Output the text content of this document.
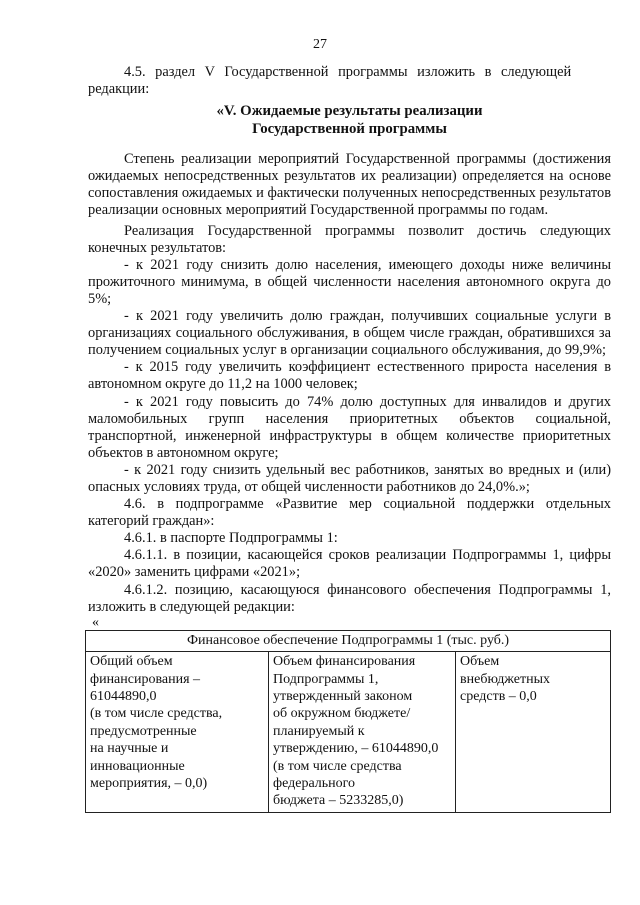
27

4.5. раздел V Государственной программы изложить в следующей

редакции:

«V. Ожидаемые результаты реализации

Государственной программы

Степень реализации мероприятий Государственной программы (достижения ожидаемых непосредственных результатов их реализации) определяется на основе сопоставления ожидаемых и фактически полученных непосредственных результатов реализации основных мероприятий Государственной программы по годам.

Реализация Государственной программы позволит достичь следующих конечных результатов:

- к 2021 году снизить долю населения, имеющего доходы ниже величины прожиточного минимума, в общей численности населения автономного округа до 5%;

- к 2021 году увеличить долю граждан, получивших социальные услуги в организациях социального обслуживания, в общем числе граждан, обратившихся за получением социальных услуг в организации социального обслуживания, до 99,9%;

- к 2015 году увеличить коэффициент естественного прироста населения в автономном округе до 11,2 на 1000 человек;

- к 2021 году повысить до 74% долю доступных для инвалидов и других маломобильных групп населения приоритетных объектов социальной, транспортной, инженерной инфраструктуры в общем количестве приоритетных объектов в автономном округе;

- к 2021 году снизить удельный вес работников, занятых во вредных и (или) опасных условиях труда, от общей численности работников до 24,0%.»;

4.6. в подпрограмме «Развитие мер социальной поддержки отдельных категорий граждан»:

4.6.1. в паспорте Подпрограммы 1:

4.6.1.1. в позиции, касающейся сроков реализации Подпрограммы 1, цифры «2020» заменить цифрами «2021»;

4.6.1.2. позицию, касающуюся финансового обеспечения Подпрограммы 1, изложить в следующей редакции:

«

Финансовое обеспечение Подпрограммы 1 (тыс. руб.)

Общий объем
финансирования –
61044890,0
(в том числе средства,
предусмотренные
на научные и
инновационные
мероприятия, – 0,0)

Объем финансирования
Подпрограммы 1,
утвержденный законом
об окружном бюджете/
планируемый к
утверждению, – 61044890,0
(в том числе средства
федерального
бюджета – 5233285,0)

Объем
внебюджетных
средств – 0,0
